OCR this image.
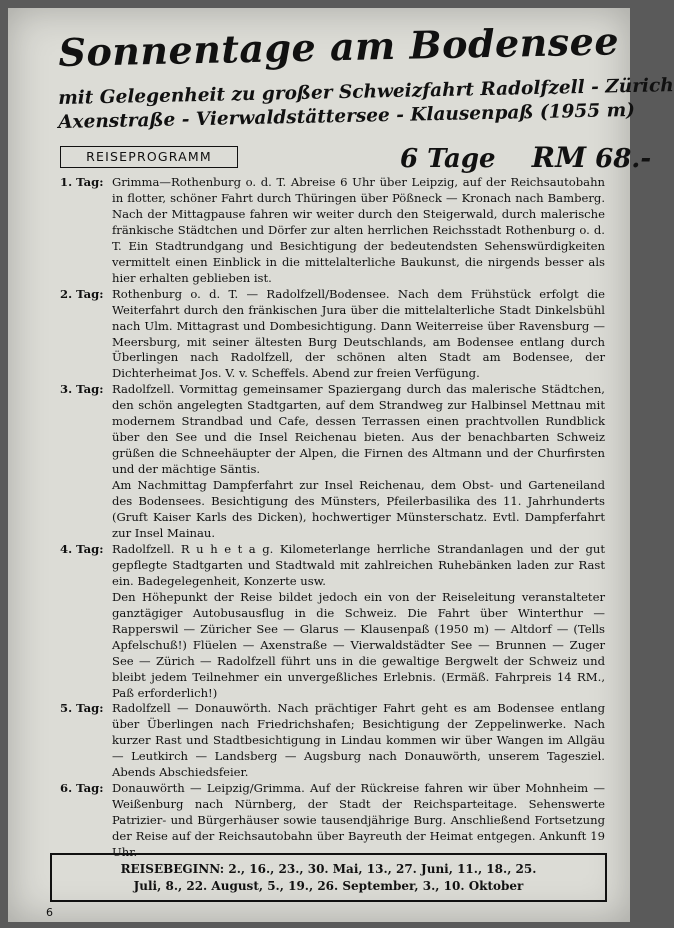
Sonnentage am Bodensee
mit Gelegenheit zu großer Schweizfahrt Radolfzell - Zürich
Axenstraße - Vierwaldstättersee - Klausenpaß (1955 m)
REISEPROGRAMM	6 Tage RM 68.-
1. Tag: Grimma—Rothenburg o. d. T. Abreise 6 Uhr über Leipzig, auf der Reichsautobahn in flotter, schöner Fahrt durch Thüringen über Pößneck — Kronach nach Bamberg. Nach der Mittagpause fahren wir weiter durch den Steigerwald, durch malerische fränkische Städtchen und Dörfer zur alten herrlichen Reichsstadt Rothenburg o. d. T. Ein Stadtrundgang und Besichtigung der bedeutendsten Sehenswürdigkeiten vermittelt einen Einblick in die mittelalterliche Baukunst, die nirgends besser als hier erhalten geblieben ist.

2. Tag: Rothenburg o. d. T. — Radolfzell/Bodensee. Nach dem Frühstück erfolgt die Weiterfahrt durch den fränkischen Jura über die mittelalterliche Stadt Dinkelsbühl nach Ulm. Mittagrast und Dombesichtigung. Dann Weiterreise über Ravensburg — Meersburg, mit seiner ältesten Burg Deutschlands, am Bodensee entlang durch Überlingen nach Radolfzell, der schönen alten Stadt am Bodensee, der Dichterheimat Jos. V. v. Scheffels. Abend zur freien Verfügung.

3. Tag: Radolfzell. Vormittag gemeinsamer Spaziergang durch das malerische Städtchen, den schön angelegten Stadtgarten, auf dem Strandweg zur Halbinsel Mettnau mit modernem Strandbad und Cafe, dessen Terrassen einen prachtvollen Rundblick über den See und die Insel Reichenau bieten. Aus der benachbarten Schweiz grüßen die Schneehäupter der Alpen, die Firnen des Altmann und der Churfirsten und der mächtige Säntis.

Am Nachmittag Dampferfahrt zur Insel Reichenau, dem Obst- und Garteneiland des Bodensees. Besichtigung des Münsters, Pfeilerbasilika des 11. Jahrhunderts (Gruft Kaiser Karls des Dicken), hochwertiger Münsterschatz. Evtl. Dampferfahrt zur Insel Mainau.

4. Tag: Radolfzell. R u h e t a g. Kilometerlange herrliche Strandanlagen und der gut gepflegte Stadtgarten und Stadtwald mit zahlreichen Ruhebänken laden zur Rast ein. Badegelegenheit, Konzerte usw.

Den Höhepunkt der Reise bildet jedoch ein von der Reiseleitung veranstalteter ganztägiger Autobusausflug in die Schweiz. Die Fahrt über Winterthur — Rapperswil — Züricher See — Glarus — Klausenpaß (1950 m) — Altdorf — (Tells Apfelschuß!) Flüelen — Axenstraße — Vierwaldstädter See — Brunnen — Zuger See — Zürich — Radolfzell führt uns in die gewaltige Bergwelt der Schweiz und bleibt jedem Teilnehmer ein unvergeßliches Erlebnis. (Ermäß. Fahrpreis 14 RM., Paß erforderlich!)

5. Tag: Radolfzell — Donauwörth. Nach prächtiger Fahrt geht es am Bodensee entlang über Überlingen nach Friedrichshafen; Besichtigung der Zeppelinwerke. Nach kurzer Rast und Stadtbesichtigung in Lindau kommen wir über Wangen im Allgäu — Leutkirch — Landsberg — Augsburg nach Donauwörth, unserem Tagesziel. Abends Abschiedsfeier.

6. Tag: Donauwörth — Leipzig/Grimma. Auf der Rückreise fahren wir über Mohnheim — Weißenburg nach Nürnberg, der Stadt der Reichsparteitage. Sehenswerte Patrizier- und Bürgerhäuser sowie tausendjährige Burg. Anschließend Fortsetzung der Reise auf der Reichsautobahn über Bayreuth der Heimat entgegen. Ankunft 19 Uhr.

REISEBEGINN: 2., 16., 23., 30. Mai, 13., 27. Juni, 11., 18., 25.
Juli, 8., 22. August, 5., 19., 26. September, 3., 10. Oktober
6
